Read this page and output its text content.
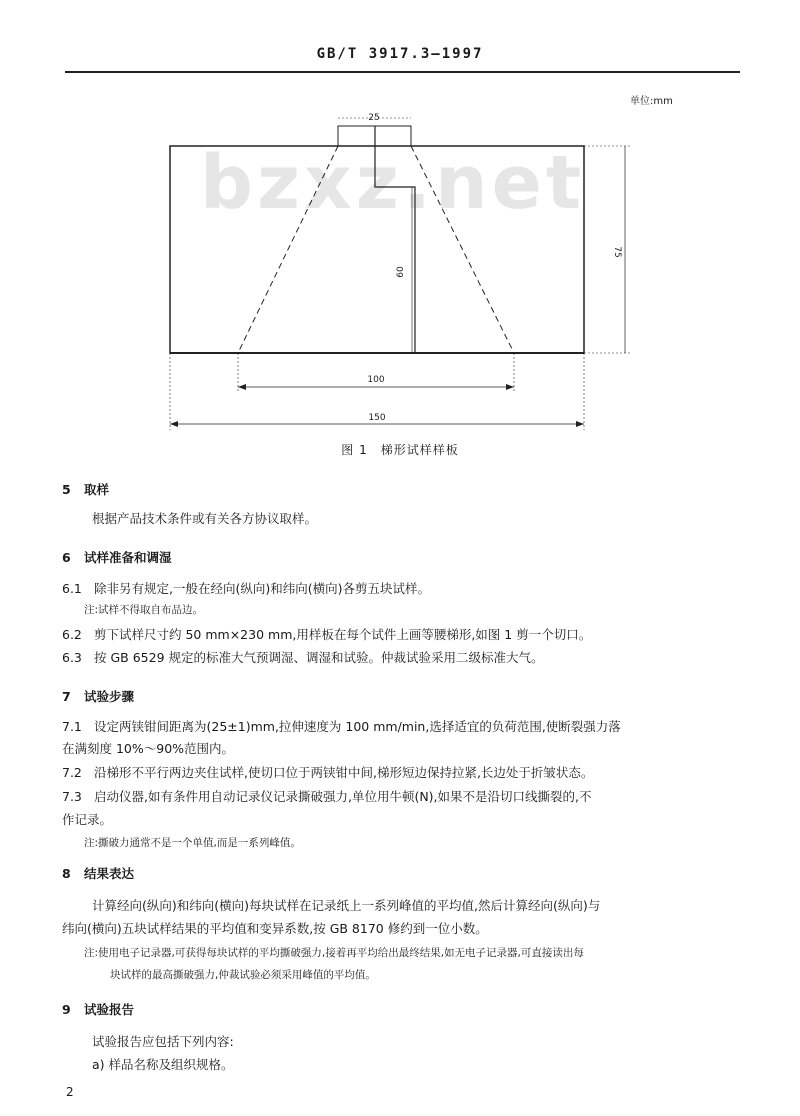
GB/T 3917.3—1997
单位:mm
bzxz.net
25
60
75
100
150
图 1　梯形试样样板
5 取样
根据产品技术条件或有关各方协议取样。
6 试样准备和调湿
6.1 除非另有规定,一般在经向(纵向)和纬向(横向)各剪五块试样。
注:试样不得取自布品边。
6.2 剪下试样尺寸约 50 mm×230 mm,用样板在每个试件上画等腰梯形,如图 1 剪一个切口。
6.3 按 GB 6529 规定的标准大气预调湿、调湿和试验。仲裁试验采用二级标准大气。
7 试验步骤
7.1 设定两铗钳间距离为(25±1)mm,拉伸速度为 100 mm/min,选择适宜的负荷范围,使断裂强力落
在满刻度 10%～90%范围内。
7.2 沿梯形不平行两边夹住试样,使切口位于两铗钳中间,梯形短边保持拉紧,长边处于折皱状态。
7.3 启动仪器,如有条件用自动记录仪记录撕破强力,单位用牛顿(N),如果不是沿切口线撕裂的,不
作记录。
注:撕破力通常不是一个单值,而是一系列峰值。
8 结果表达
计算经向(纵向)和纬向(横向)每块试样在记录纸上一系列峰值的平均值,然后计算经向(纵向)与
纬向(横向)五块试样结果的平均值和变异系数,按 GB 8170 修约到一位小数。
注:使用电子记录器,可获得每块试样的平均撕破强力,接着再平均给出最终结果,如无电子记录器,可直接读出每
块试样的最高撕破强力,仲裁试验必须采用峰值的平均值。
9 试验报告
试验报告应包括下列内容:
a) 样品名称及组织规格。
2
